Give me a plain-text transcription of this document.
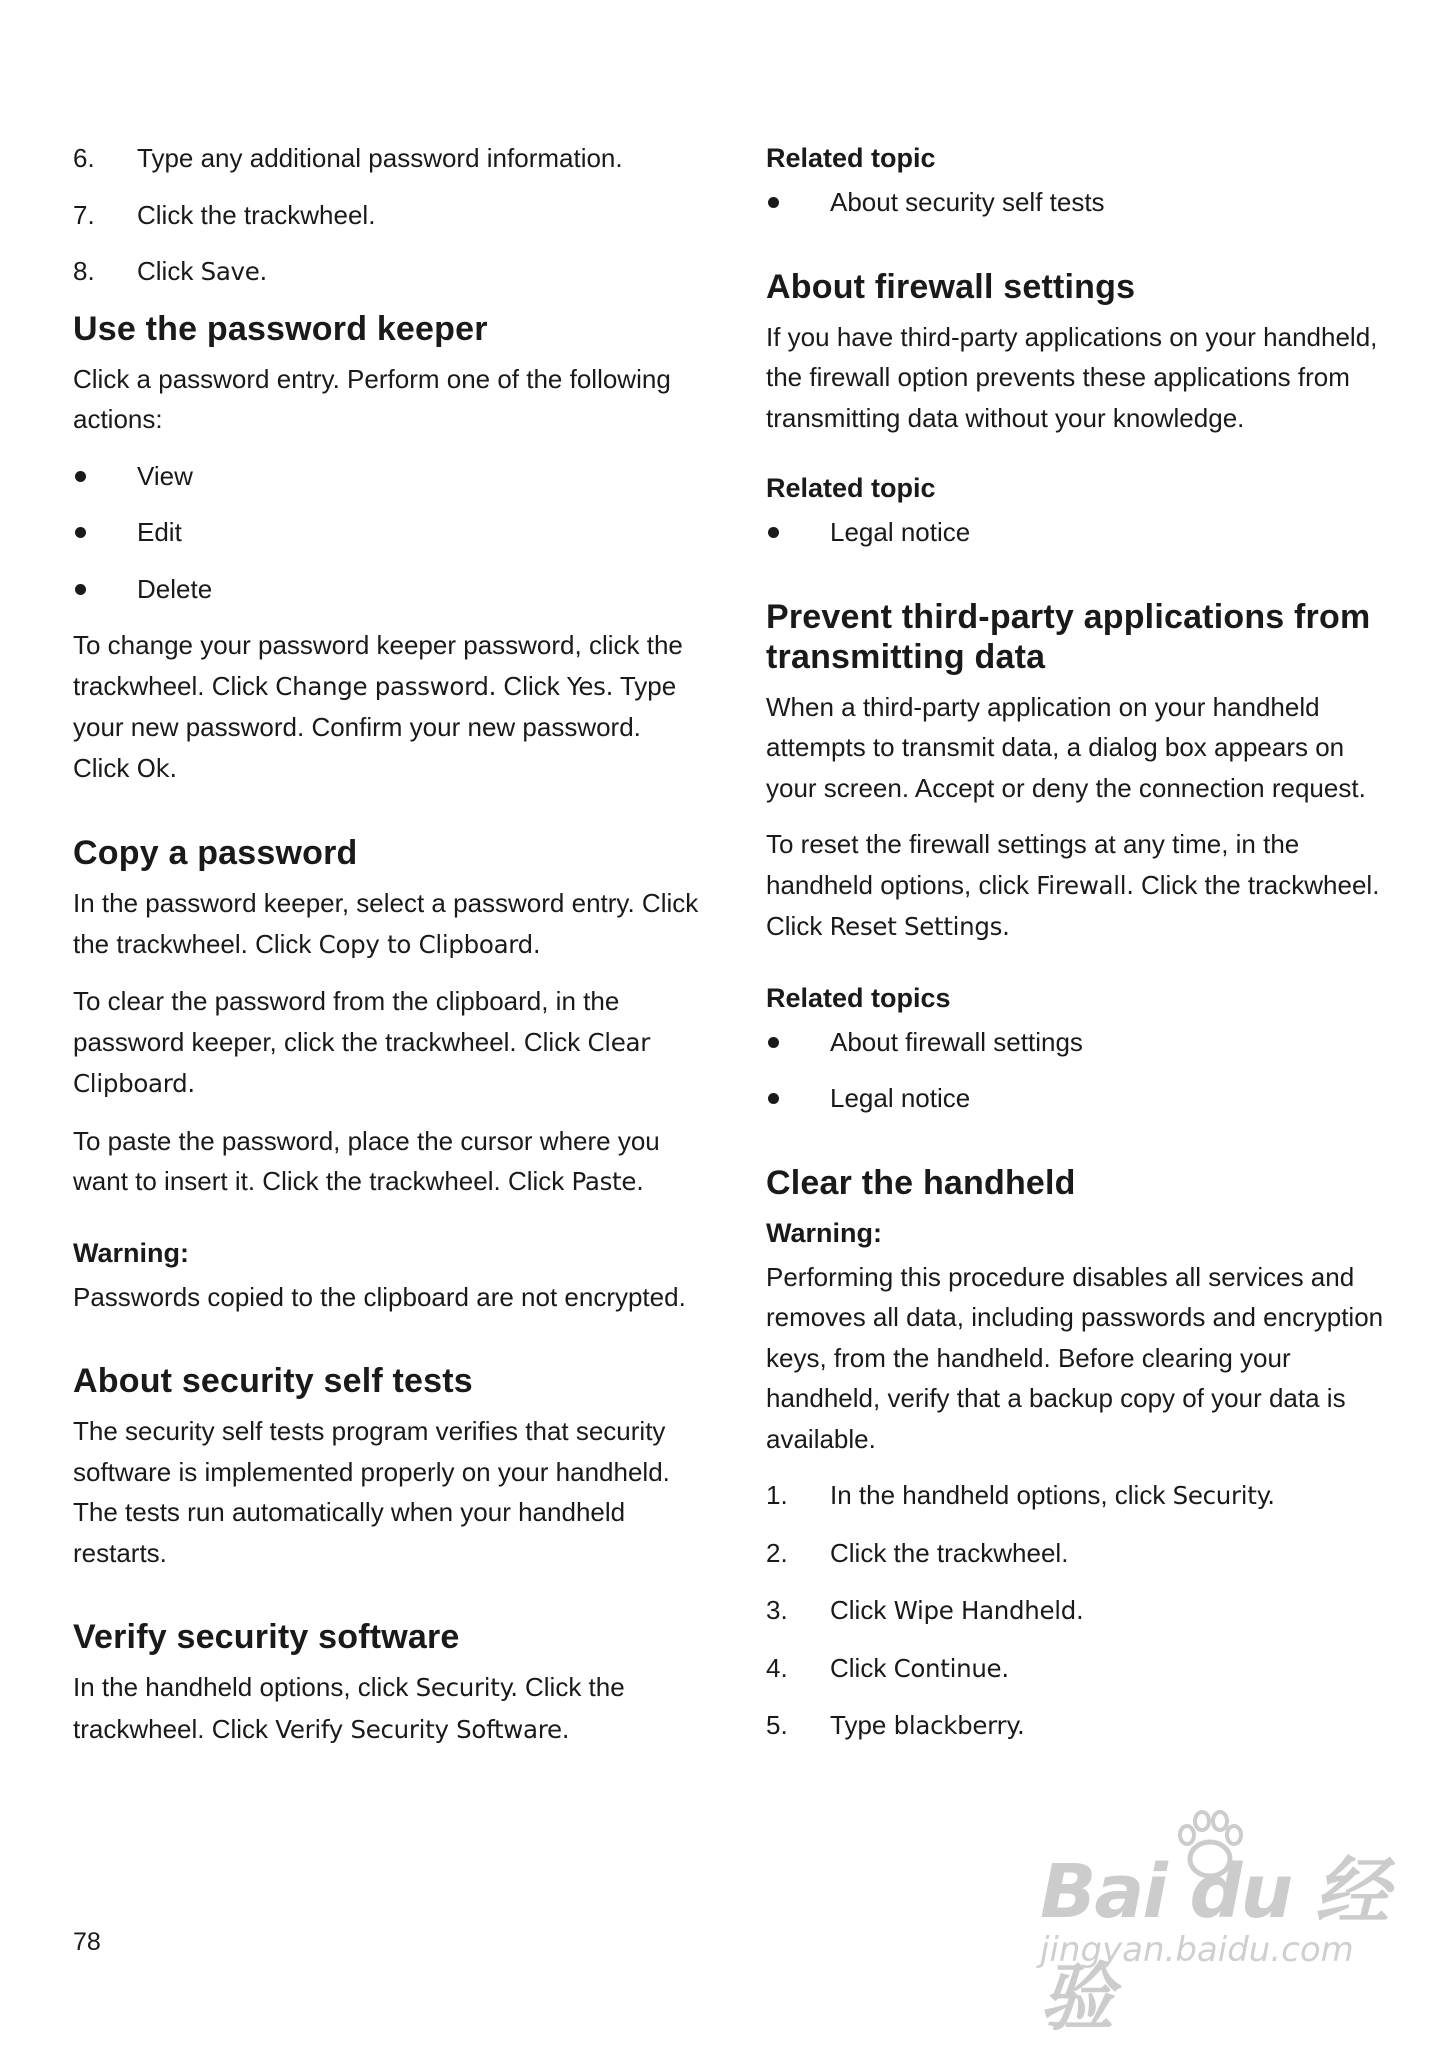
6. Type any additional password information.
7. Click the trackwheel.
8. Click Save.
Use the password keeper

Click a password entry. Perform one of the following actions:

View
Edit
Delete

To change your password keeper password, click the trackwheel. Click Change password. Click Yes. Type your new password. Confirm your new password. Click Ok.

Copy a password

In the password keeper, select a password entry. Click the trackwheel. Click Copy to Clipboard.

To clear the password from the clipboard, in the password keeper, click the trackwheel. Click Clear Clipboard.

To paste the password, place the cursor where you want to insert it. Click the trackwheel. Click Paste.

Warning:

Passwords copied to the clipboard are not encrypted.

About security self tests

The security self tests program verifies that security software is implemented properly on your handheld. The tests run automatically when your handheld restarts.

Verify security software

In the handheld options, click Security. Click the trackwheel. Click Verify Security Software.

Related topic
About security self tests
About firewall settings

If you have third-party applications on your handheld, the firewall option prevents these applications from transmitting data without your knowledge.

Related topic
Legal notice
Prevent third-party applications from transmitting data

When a third-party application on your handheld attempts to transmit data, a dialog box appears on your screen. Accept or deny the connection request.

To reset the firewall settings at any time, in the handheld options, click Firewall. Click the trackwheel. Click Reset Settings.

Related topics
About firewall settings
Legal notice
Clear the handheld
Warning:

Performing this procedure disables all services and removes all data, including passwords and encryption keys, from the handheld. Before clearing your handheld, verify that a backup copy of your data is available.

1. In the handheld options, click Security.
2. Click the trackwheel.
3. Click Wipe Handheld.
4. Click Continue.
5. Type blackberry.
78
Bai du 经验
jingyan.baidu.com
